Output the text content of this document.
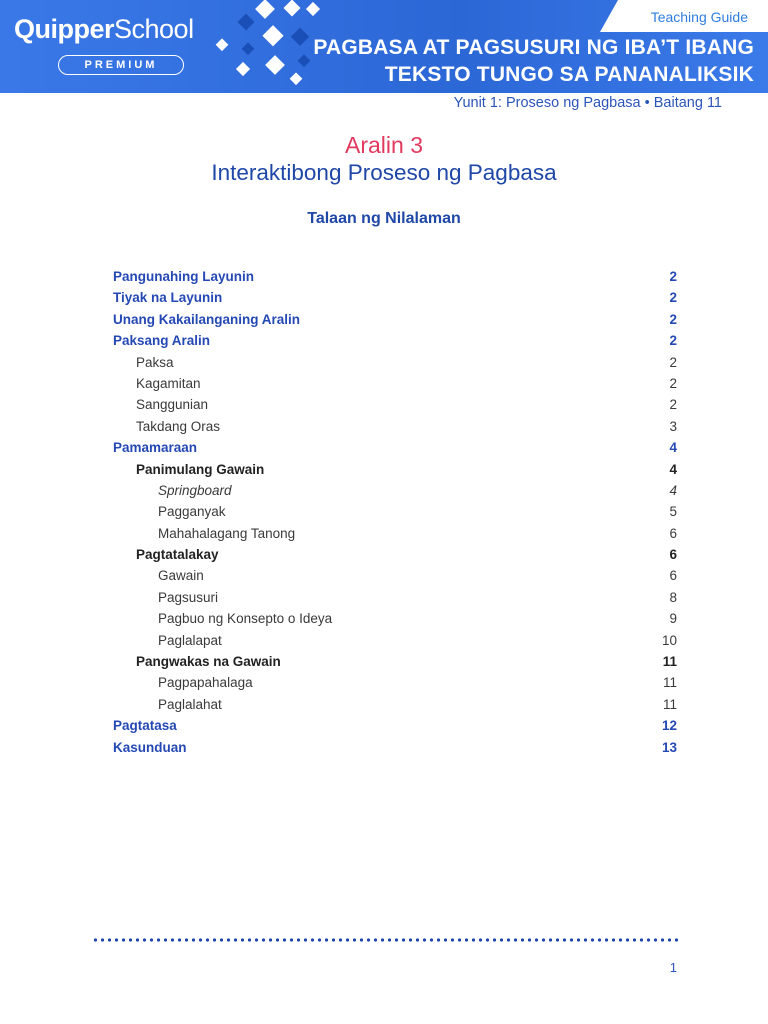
QuipperSchool
PREMIUM
Teaching Guide
PAGBASA AT PAGSUSURI NG IBA’T IBANG
TEKSTO TUNGO SA PANANALIKSIK
Yunit 1: Proseso ng Pagbasa • Baitang 11
Aralin 3
Interaktibong Proseso ng Pagbasa
Talaan ng Nilalaman
Pangunahing Layunin	2
Tiyak na Layunin	2
Unang Kakailanganing Aralin	2
Paksang Aralin	2
Paksa	2
Kagamitan	2
Sanggunian	2
Takdang Oras	3
Pamamaraan	4
Panimulang Gawain	4
Springboard	4
Pagganyak	5
Mahahalagang Tanong	6
Pagtatalakay	6
Gawain	6
Pagsusuri	8
Pagbuo ng Konsepto o Ideya	9
Paglalapat	10
Pangwakas na Gawain	11
Pagpapahalaga	11
Paglalahat	11
Pagtatasa	12
Kasunduan	13
1
